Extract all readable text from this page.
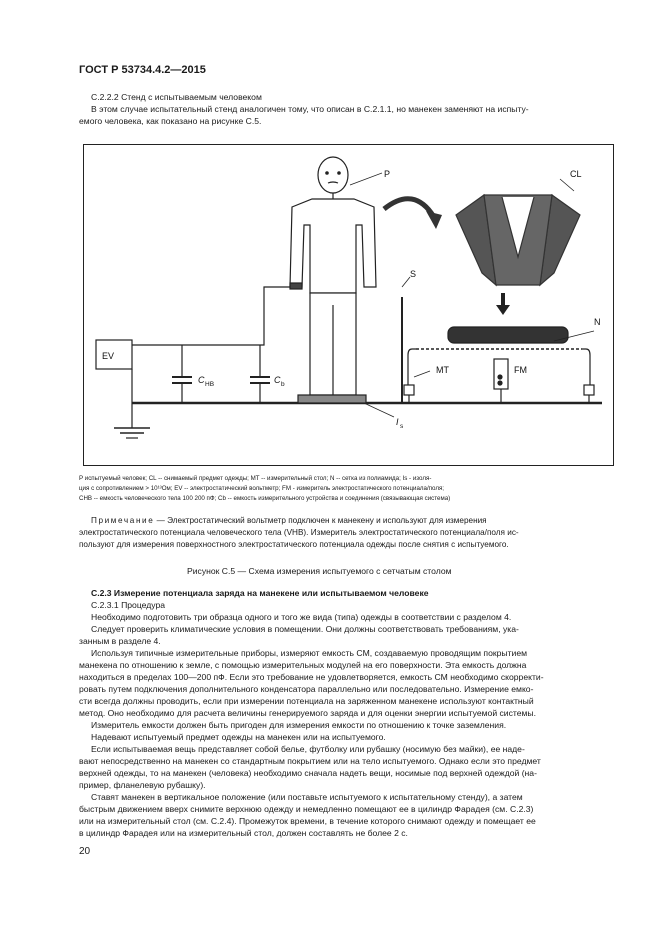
ГОСТ Р 53734.4.2—2015
С.2.2.2 Стенд с испытываемым человеком
В этом случае испытательный стенд аналогичен тому, что описан в С.2.1.1, но манекен заменяют на испыту-
емого человека, как показано на рисунке С.5.
EV
P	CL
S
N
MT	FM
C HB	C b
I s
P испытуемый человек; CL -- снимаемый предмет одежды; MT -- измерительный стол; N -- сетка из полиамида; Is - изоля-
ция с сопротивлением > 10¹³Ом; EV -- электростатический вольтметр; FM - измеритель электростатического потенциала/поля;
CHB -- емкость человеческого тела 100 200 пФ; Cb -- емкость измерительного устройства и соединения (связывающая система)
Примечание — Электростатический вольтметр подключен к манекену и используют для измерения
электростатического потенциала человеческого тела (VHB). Измеритель электростатического потенциала/поля ис-
пользуют для измерения поверхностного электростатического потенциала одежды после снятия с испытуемого.
Рисунок С.5 — Схема измерения испытуемого с сетчатым столом
С.2.3 Измерение потенциала заряда на манекене или испытываемом человеке
С.2.3.1 Процедура
Необходимо подготовить три образца одного и того же вида (типа) одежды в соответствии с разделом 4.
Следует проверить климатические условия в помещении. Они должны соответствовать требованиям, ука-
занным в разделе 4.
Используя типичные измерительные приборы, измеряют емкость CM, создаваемую проводящим покрытием
манекена по отношению к земле, с помощью измерительных модулей на его поверхности. Эта емкость должна
находиться в пределах 100—200 пФ. Если это требование не удовлетворяется, емкость CM необходимо скорректи-
ровать путем подключения дополнительного конденсатора параллельно или последовательно. Измерение емко-
сти всегда должны проводить, если при измерении потенциала на заряженном манекене используют контактный
метод. Оно необходимо для расчета величины генерируемого заряда и для оценки энергии испытуемой системы.
Измеритель емкости должен быть пригоден для измерения емкости по отношению к точке заземления.
Надевают испытуемый предмет одежды на манекен или на испытуемого.
Если испытываемая вещь представляет собой белье, футболку или рубашку (носимую без майки), ее наде-
вают непосредственно на манекен со стандартным покрытием или на тело испытуемого. Однако если это предмет
верхней одежды, то на манекен (человека) необходимо сначала надеть вещи, носимые под верхней одеждой (на-
пример, фланелевую рубашку).
Ставят манекен в вертикальное положение (или поставьте испытуемого к испытательному стенду), а затем
быстрым движением вверх снимите верхнюю одежду и немедленно помещают ее в цилиндр Фарадея (см. С.2.3)
или на измерительный стол (см. С.2.4). Промежуток времени, в течение которого снимают одежду и помещает ее
в цилиндр Фарадея или на измерительный стол, должен составлять не более 2 с.
20
